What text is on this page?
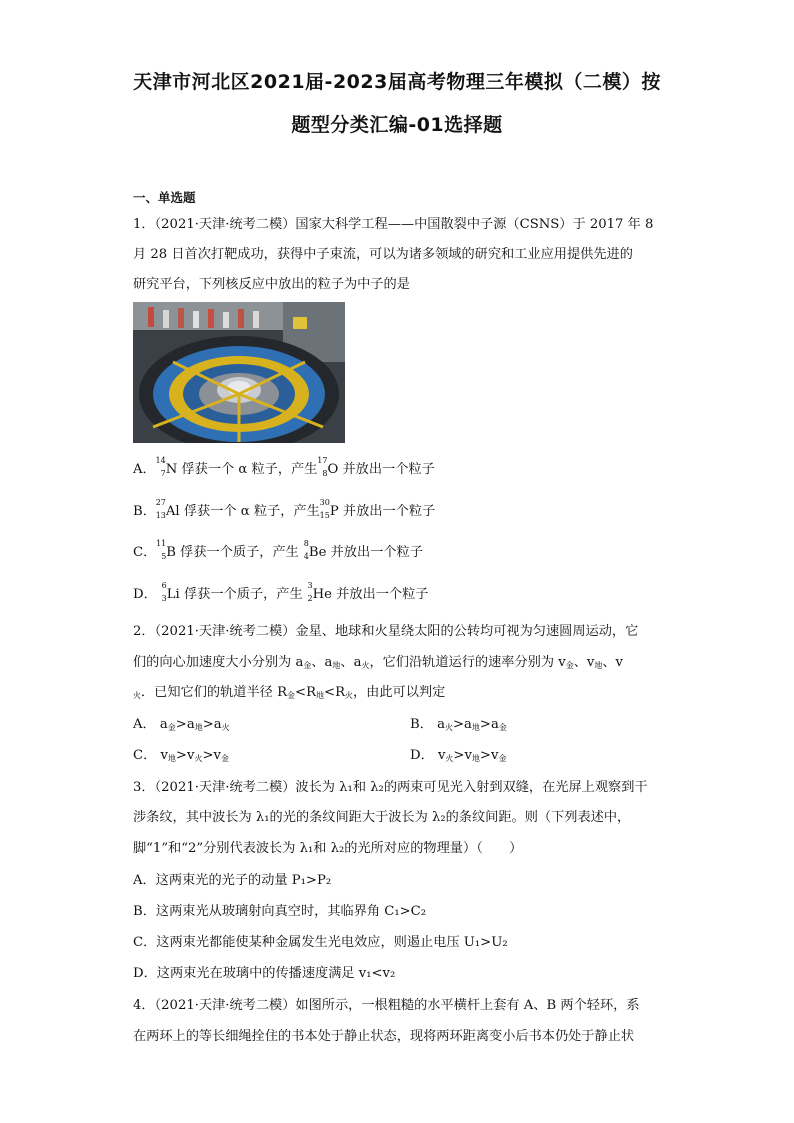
天津市河北区2021届-2023届高考物理三年模拟（二模）按
题型分类汇编-01选择题
一、单选题
1．（2021·天津·统考二模）国家大科学工程——中国散裂中子源（CSNS）于 2017 年 8
月 28 日首次打靶成功，获得中子束流，可以为诸多领域的研究和工业应用提供先进的
研究平台，下列核反应中放出的粒子为中子的是
A．
14
7 N 俘获一个 α 粒子，产生
17
8 O 并放出一个粒子
B．
27
13 Al 俘获一个 α 粒子，产生
30
15 P 并放出一个粒子
C．
11
5 B 俘获一个质子，产生
8
4 Be 并放出一个粒子
D．
6
3 Li 俘获一个质子，产生
3
2 He 并放出一个粒子
2．（2021·天津·统考二模）金星、地球和火星绕太阳的公转均可视为匀速圆周运动，它
们的向心加速度大小分别为 $a_金$、$a_地$、$a_火$，它们沿轨道运行的速率分别为 $v_金$、$v_地$、v
$_火$．已知它们的轨道半径 $R_金<R_地<R_火$，由此可以判定
A． $a_金>a_地>a_火$	B． $a_火>a_地>a_金$
C． $v_地>v_火>v_金$	D． $v_火>v_地>v_金$
3．（2021·天津·统考二模）波长为 λ₁和 λ₂的两束可见光入射到双缝，在光屏上观察到干
涉条纹，其中波长为 λ₁的光的条纹间距大于波长为 λ₂的条纹间距。则（下列表述中，
脚“1”和“2”分别代表波长为 λ₁和 λ₂的光所对应的物理量）（　　）
A．这两束光的光子的动量 P₁>P₂
B．这两束光从玻璃射向真空时，其临界角 C₁>C₂
C．这两束光都能使某种金属发生光电效应，则遏止电压 U₁>U₂
D．这两束光在玻璃中的传播速度满足 v₁<v₂
4．（2021·天津·统考二模）如图所示，一根粗糙的水平横杆上套有 A、B 两个轻环，系
在两环上的等长细绳拴住的书本处于静止状态，现将两环距离变小后书本仍处于静止状
